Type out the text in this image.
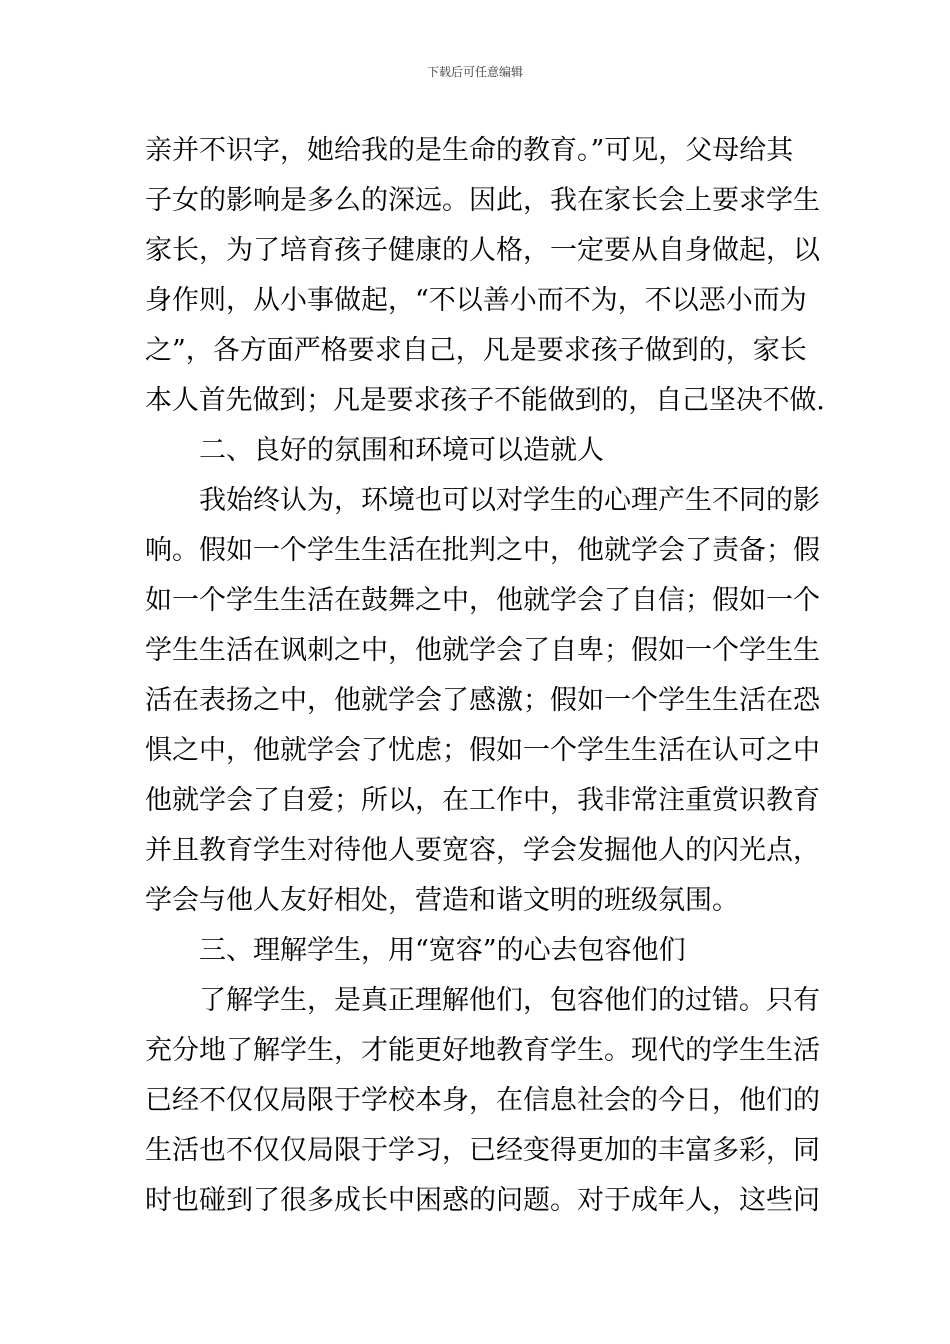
下载后可任意编辑
亲并不识字，她给我的是生命的教育。”可见，父母给其
子女的影响是多么的深远。因此，我在家长会上要求学生
家长，为了培育孩子健康的人格，一定要从自身做起，以
身作则，从小事做起，“不以善小而不为，不以恶小而为
之”，各方面严格要求自己，凡是要求孩子做到的，家长
本人首先做到；凡是要求孩子不能做到的，自己坚决不做.
二、良好的氛围和环境可以造就人
我始终认为，环境也可以对学生的心理产生不同的影
响。假如一个学生生活在批判之中，他就学会了责备；假
如一个学生生活在鼓舞之中，他就学会了自信；假如一个
学生生活在讽刺之中，他就学会了自卑；假如一个学生生
活在表扬之中，他就学会了感激；假如一个学生生活在恐
惧之中，他就学会了忧虑；假如一个学生生活在认可之中
他就学会了自爱；所以，在工作中，我非常注重赏识教育
并且教育学生对待他人要宽容，学会发掘他人的闪光点，
学会与他人友好相处，营造和谐文明的班级氛围。
三、理解学生，用“宽容”的心去包容他们
了解学生，是真正理解他们，包容他们的过错。只有
充分地了解学生，才能更好地教育学生。现代的学生生活
已经不仅仅局限于学校本身，在信息社会的今日，他们的
生活也不仅仅局限于学习，已经变得更加的丰富多彩，同
时也碰到了很多成长中困惑的问题。对于成年人，这些问
